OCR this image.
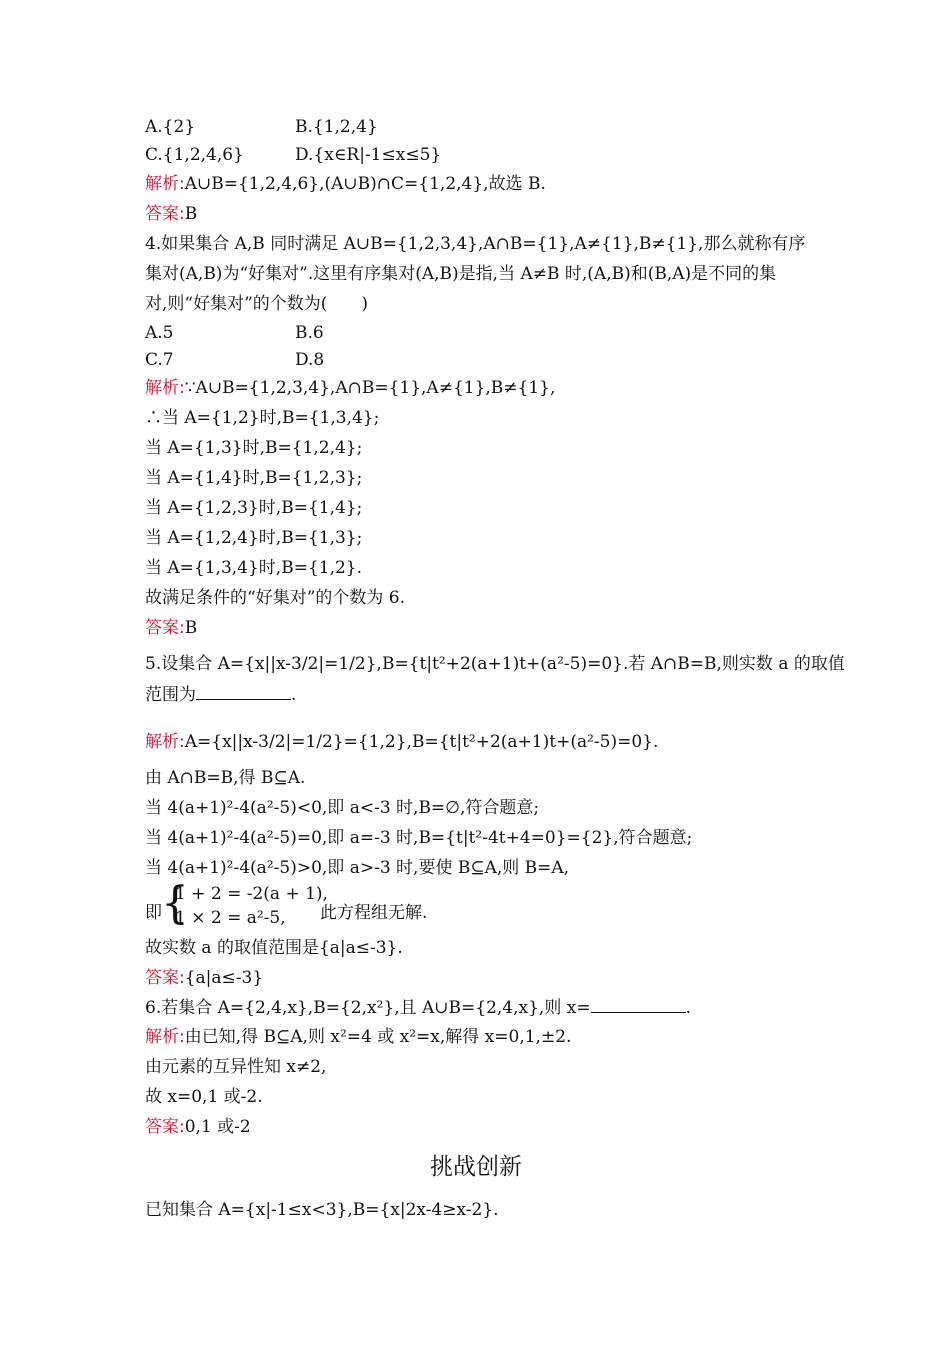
A.{2}	B.{1,2,4}
C.{1,2,4,6}	D.{x∈R|-1≤x≤5}
解析:A∪B={1,2,4,6},(A∪B)∩C={1,2,4},故选 B.
答案:B
4.如果集合 A,B 同时满足 A∪B={1,2,3,4},A∩B={1},A≠{1},B≠{1},那么就称有序
集对(A,B)为“好集对”.这里有序集对(A,B)是指,当 A≠B 时,(A,B)和(B,A)是不同的集
对,则“好集对”的个数为(　　)
A.5	B.6
C.7	D.8
解析:∵A∪B={1,2,3,4},A∩B={1},A≠{1},B≠{1},
∴当 A={1,2}时,B={1,3,4};
当 A={1,3}时,B={1,2,4};
当 A={1,4}时,B={1,2,3};
当 A={1,2,3}时,B={1,4};
当 A={1,2,4}时,B={1,3};
当 A={1,3,4}时,B={1,2}.
故满足条件的“好集对”的个数为 6.
答案:B
5.设集合 A={x||x-3/2|=1/2},B={t|t²+2(a+1)t+(a²-5)=0}.若 A∩B=B,则实数 a 的取值
解析:A={x||x-3/2|=1/2}={1,2},B={t|t²+2(a+1)t+(a²-5)=0}.
由 A∩B=B,得 B⊆A.
当 4(a+1)²-4(a²-5)<0,即 a<-3 时,B=∅,符合题意;
当 4(a+1)²-4(a²-5)=0,即 a=-3 时,B={t|t²-4t+4=0}={2},符合题意;
当 4(a+1)²-4(a²-5)>0,即 a>-3 时,要使 B⊆A,则 B=A,
故实数 a 的取值范围是{a|a≤-3}.
答案:{a|a≤-3}
6.若集合 A={2,4,x},B={2,x²},且 A∪B={2,4,x},则 x=	.
解析:由已知,得 B⊆A,则 x²=4 或 x²=x,解得 x=0,1,±2.
由元素的互异性知 x≠2,
故 x=0,1 或-2.
答案:0,1 或-2
已知集合 A={x|-1≤x<3},B={x|2x-4≥x-2}.
范围为	.
即 {
1 + 2 = -2(a + 1),
1 × 2 = a²-5, 此方程组无解.
挑战创新
